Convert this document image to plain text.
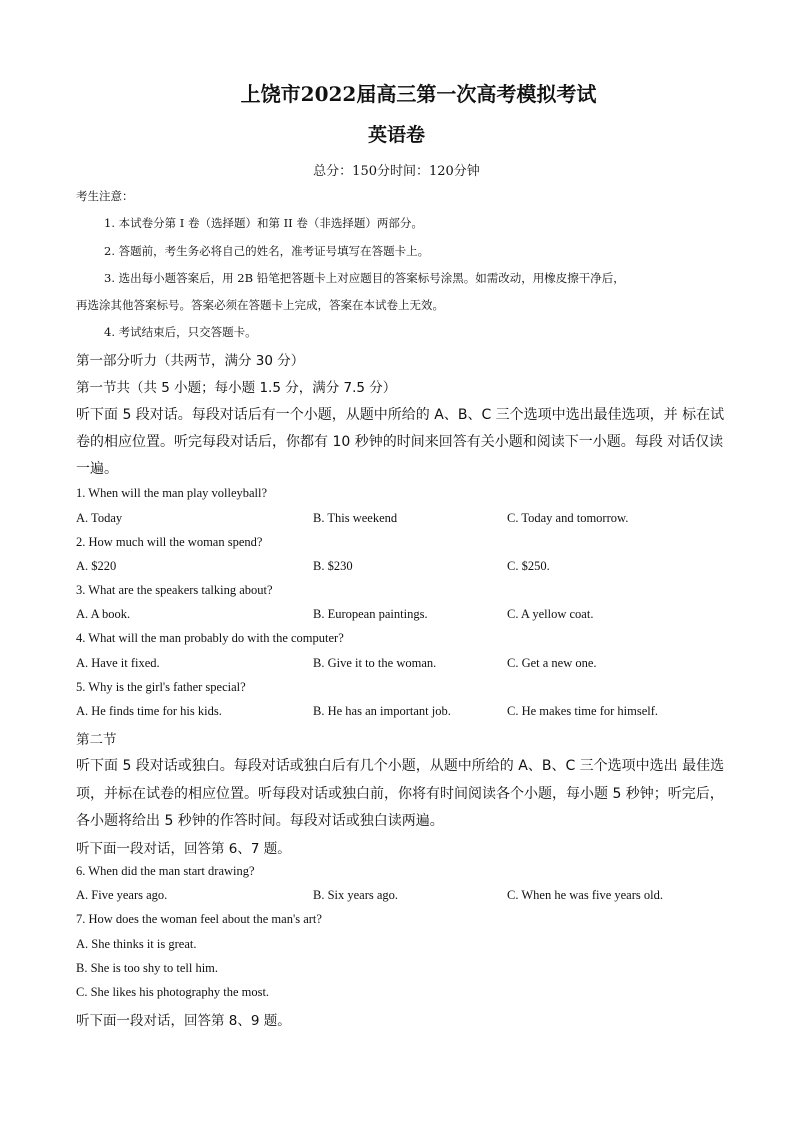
上饶市2022届高三第一次高考模拟考试
英语卷
总分：150分时间：120分钟
考生注意：
1. 本试卷分第 I 卷（选择题）和第 II 卷（非选择题）两部分。
2. 答题前，考生务必将自己的姓名，准考证号填写在答题卡上。
3. 选出每小题答案后，用 2B 铅笔把答题卡上对应题目的答案标号涂黑。如需改动，用橡皮擦干净后，
再选涂其他答案标号。答案必须在答题卡上完成，答案在本试卷上无效。
4. 考试结束后，只交答题卡。
第一部分听力（共两节，满分 30 分）
第一节共（共 5 小题；每小题 1.5 分，满分 7.5 分）
听下面 5 段对话。每段对话后有一个小题，从题中所给的 A、B、C 三个选项中选出最佳选项，并 标在试
卷的相应位置。听完每段对话后，你都有 10 秒钟的时间来回答有关小题和阅读下一小题。每段 对话仅读
一遍。
1. When will the man play volleyball?
A. Today	B. This weekend	C. Today and tomorrow.
2. How much will the woman spend?
A. $220	B. $230	C. $250.
3. What are the speakers talking about?
A. A book.	B. European paintings.	C. A yellow coat.
4. What will the man probably do with the computer?
A. Have it fixed.	B. Give it to the woman.	C. Get a new one.
5. Why is the girl's father special?
A. He finds time for his kids.	B. He has an important job.	C. He makes time for himself.
第二节
听下面 5 段对话或独白。每段对话或独白后有几个小题，从题中所给的 A、B、C 三个选项中选出 最佳选
项，并标在试卷的相应位置。听每段对话或独白前，你将有时间阅读各个小题，每小题 5 秒钟；听完后，
各小题将给出 5 秒钟的作答时间。每段对话或独白读两遍。
听下面一段对话，回答第 6、7 题。
6. When did the man start drawing?
A. Five years ago.	B. Six years ago.	C. When he was five years old.
7. How does the woman feel about the man's art?
A. She thinks it is great.
B. She is too shy to tell him.
C. She likes his photography the most.
听下面一段对话，回答第 8、9 题。
